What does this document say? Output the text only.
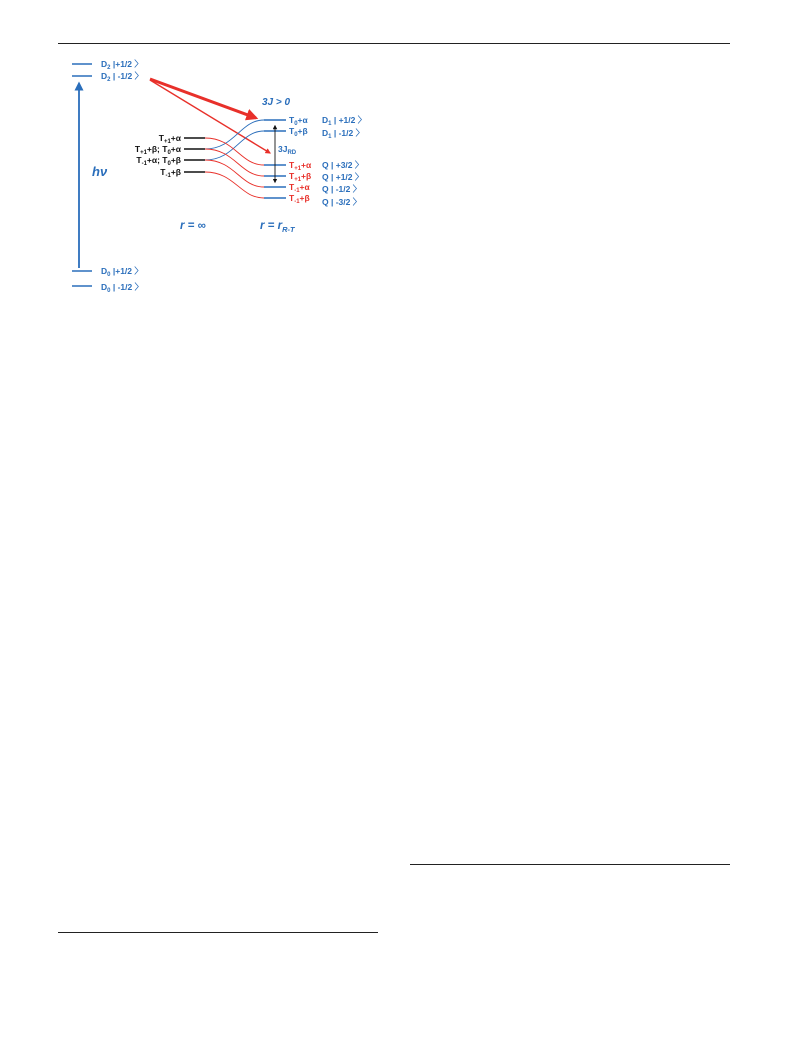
$D_2$ |+1/2 〉
$D_2$ | -1/2 〉
hν
$D_0$ |+1/2 〉
$D_0$ | -1/2 〉
3J > 0
$T_{+1}+\alpha$
$T_{+1}+\beta$; $T_0+\alpha$
$T_{-1}+\alpha$; $T_0+\beta$
$T_{-1}+\beta$
$3J_{RD}$
$T_0+\alpha$
$T_0+\beta$
$T_{+1}+\alpha$
$T_{+1}+\beta$
$T_{-1}+\alpha$
$T_{-1}+\beta$
$D_1$ | +1/2 〉
$D_1$ | -1/2 〉
Q | +3/2 〉
Q | +1/2 〉
Q | -1/2 〉
Q | -3/2 〉
r = ∞	$r = r_{R-T}$
